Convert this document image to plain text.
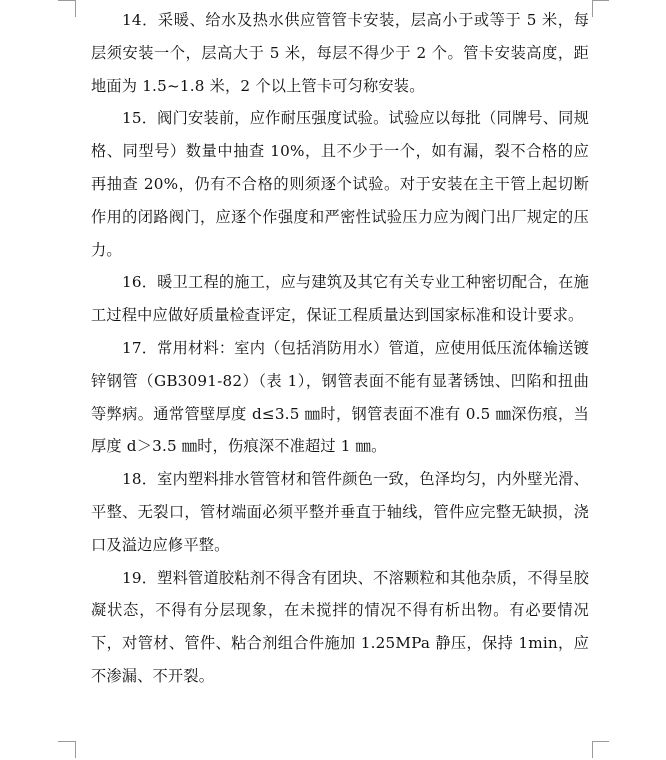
14．采暖、给水及热水供应管管卡安装，层高小于或等于 5 米，每层须安装一个，层高大于 5 米，每层不得少于 2 个。管卡安装高度，距地面为 1.5~1.8 米，2 个以上管卡可匀称安装。

15．阀门安装前，应作耐压强度试验。试验应以每批（同牌号、同规格、同型号）数量中抽查 10%，且不少于一个，如有漏，裂不合格的应再抽查 20%，仍有不合格的则须逐个试验。对于安装在主干管上起切断作用的闭路阀门，应逐个作强度和严密性试验压力应为阀门出厂规定的压力。

16．暖卫工程的施工，应与建筑及其它有关专业工种密切配合，在施工过程中应做好质量检查评定，保证工程质量达到国家标准和设计要求。

17．常用材料：室内（包括消防用水）管道，应使用低压流体输送镀锌钢管（GB3091-82）（表 1），钢管表面不能有显著锈蚀、凹陷和扭曲等弊病。通常管壁厚度 d≤3.5 ㎜时，钢管表面不准有 0.5 ㎜深伤痕，当厚度 d＞3.5 ㎜时，伤痕深不准超过 1 ㎜。

18．室内塑料排水管管材和管件颜色一致，色泽均匀，内外壁光滑、平整、无裂口，管材端面必须平整并垂直于轴线，管件应完整无缺损，浇口及溢边应修平整。

19．塑料管道胶粘剂不得含有团块、不溶颗粒和其他杂质，不得呈胶凝状态，不得有分层现象，在未搅拌的情况不得有析出物。有必要情况下，对管材、管件、粘合剂组合件施加 1.25MPa 静压，保持 1min，应不渗漏、不开裂。
